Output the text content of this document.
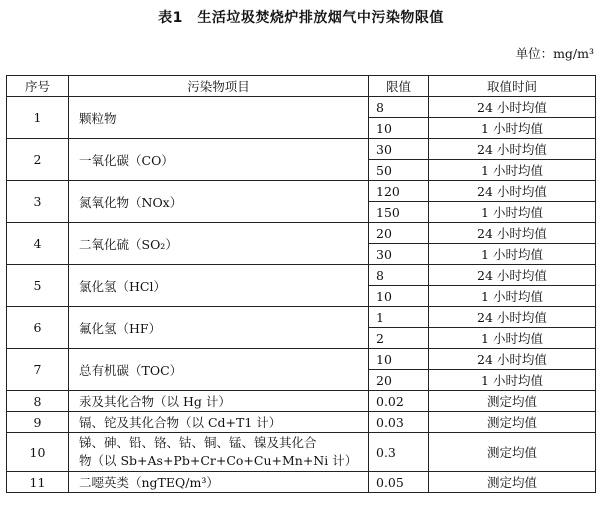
表1　生活垃圾焚烧炉排放烟气中污染物限值
单位：mg/m³
序号	污染物项目	限值	取值时间
1	颗粒物	8	24 小时均值
		10	1 小时均值
2	一氧化碳（CO）	30	24 小时均值
		50	1 小时均值
3	氮氧化物（NOx）	120	24 小时均值
		150	1 小时均值
4	二氧化硫（SO₂）	20	24 小时均值
		30	1 小时均值
5	氯化氢（HCl）	8	24 小时均值
		10	1 小时均值
6	氟化氢（HF）	1	24 小时均值
		2	1 小时均值
7	总有机碳（TOC）	10	24 小时均值
		20	1 小时均值
8	汞及其化合物（以 Hg 计）	0.02	测定均值
9	镉、铊及其化合物（以 Cd+T1 计）	0.03	测定均值
10	锑、砷、铅、铬、钴、铜、锰、镍及其化合
物（以 Sb+As+Pb+Cr+Co+Cu+Mn+Ni 计）	0.3	测定均值
11	二噁英类（ngTEQ/m³）	0.05	测定均值
